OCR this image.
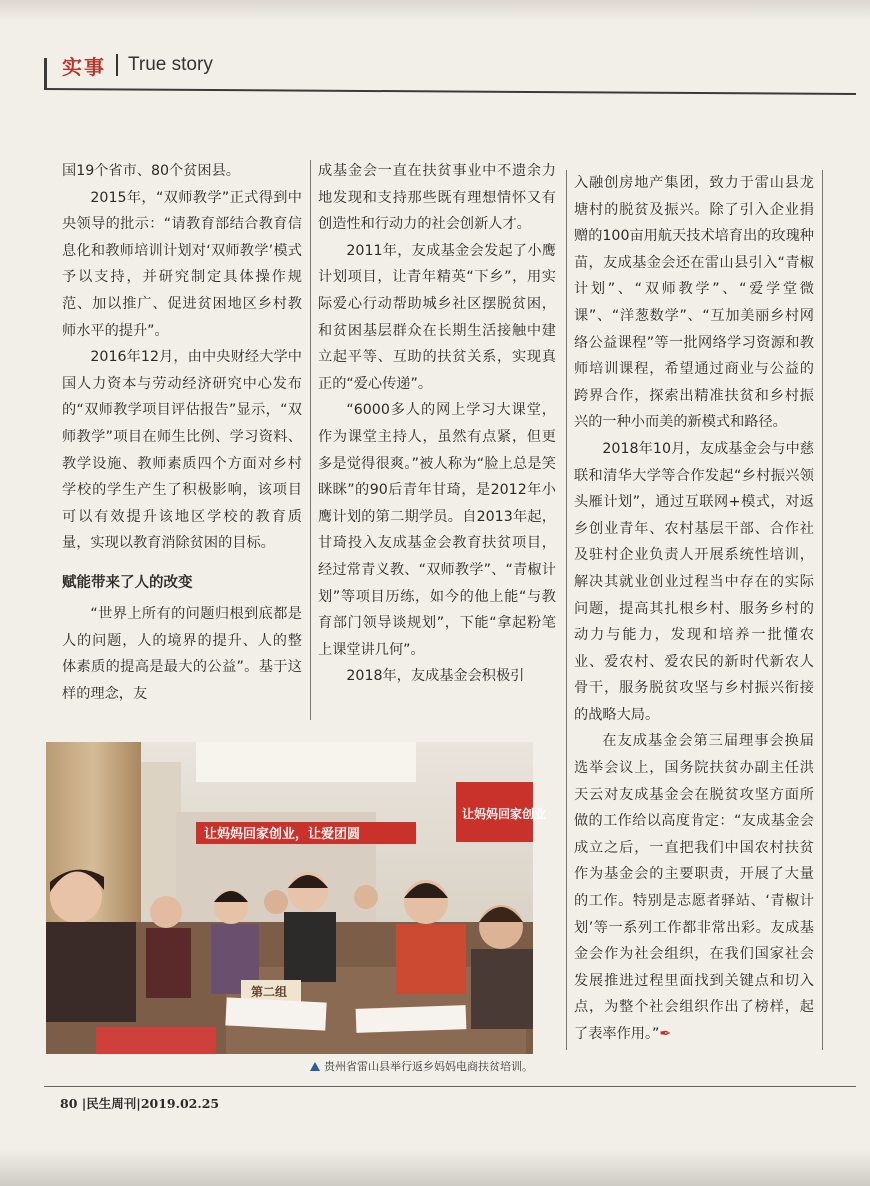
实事 True story

国19个省市、80个贫困县。

2015年，“双师教学”正式得到中央领导的批示：“请教育部结合教育信息化和教师培训计划对‘双师教学’模式予以支持，并研究制定具体操作规范、加以推广、促进贫困地区乡村教师水平的提升”。

2016年12月，由中央财经大学中国人力资本与劳动经济研究中心发布的“双师教学项目评估报告”显示，“双师教学”项目在师生比例、学习资料、教学设施、教师素质四个方面对乡村学校的学生产生了积极影响，该项目可以有效提升该地区学校的教育质量，实现以教育消除贫困的目标。

赋能带来了人的改变

“世界上所有的问题归根到底都是人的问题，人的境界的提升、人的整体素质的提高是最大的公益”。基于这样的理念，友

成基金会一直在扶贫事业中不遗余力地发现和支持那些既有理想情怀又有创造性和行动力的社会创新人才。

2011年，友成基金会发起了小鹰计划项目，让青年精英“下乡”，用实际爱心行动帮助城乡社区摆脱贫困，和贫困基层群众在长期生活接触中建立起平等、互助的扶贫关系，实现真正的“爱心传递”。

“6000多人的网上学习大课堂，作为课堂主持人，虽然有点紧，但更多是觉得很爽。”被人称为“脸上总是笑眯眯”的90后青年甘琦，是2012年小鹰计划的第二期学员。自2013年起，甘琦投入友成基金会教育扶贫项目，经过常青义教、“双师教学”、“青椒计划”等项目历练，如今的他上能“与教育部门领导谈规划”，下能“拿起粉笔上课堂讲几何”。

2018年，友成基金会积极引

入融创房地产集团，致力于雷山县龙塘村的脱贫及振兴。除了引入企业捐赠的100亩用航天技术培育出的玫瑰种苗，友成基金会还在雷山县引入“青椒计划”、“双师教学”、“爱学堂微课”、“洋葱数学”、“互加美丽乡村网络公益课程”等一批网络学习资源和教师培训课程，希望通过商业与公益的跨界合作，探索出精准扶贫和乡村振兴的一种小而美的新模式和路径。

2018年10月，友成基金会与中慈联和清华大学等合作发起“乡村振兴领头雁计划”，通过互联网+模式，对返乡创业青年、农村基层干部、合作社及驻村企业负责人开展系统性培训，解决其就业创业过程当中存在的实际问题，提高其扎根乡村、服务乡村的动力与能力，发现和培养一批懂农业、爱农村、爱农民的新时代新农人骨干，服务脱贫攻坚与乡村振兴衔接的战略大局。

在友成基金会第三届理事会换届选举会议上，国务院扶贫办副主任洪天云对友成基金会在脱贫攻坚方面所做的工作给以高度肯定：“友成基金会成立之后，一直把我们中国农村扶贫作为基金会的主要职责，开展了大量的工作。特别是志愿者驿站、‘青椒计划’等一系列工作都非常出彩。友成基金会作为社会组织，在我们国家社会发展推进过程里面找到关键点和切入点，为整个社会组织作出了榜样，起了表率作用。”✒

让妈妈回家创业，让爱团圆
让妈妈回家创业
第二组
贵州省雷山县举行返乡妈妈电商扶贫培训。
80 |民生周刊|2019.02.25
